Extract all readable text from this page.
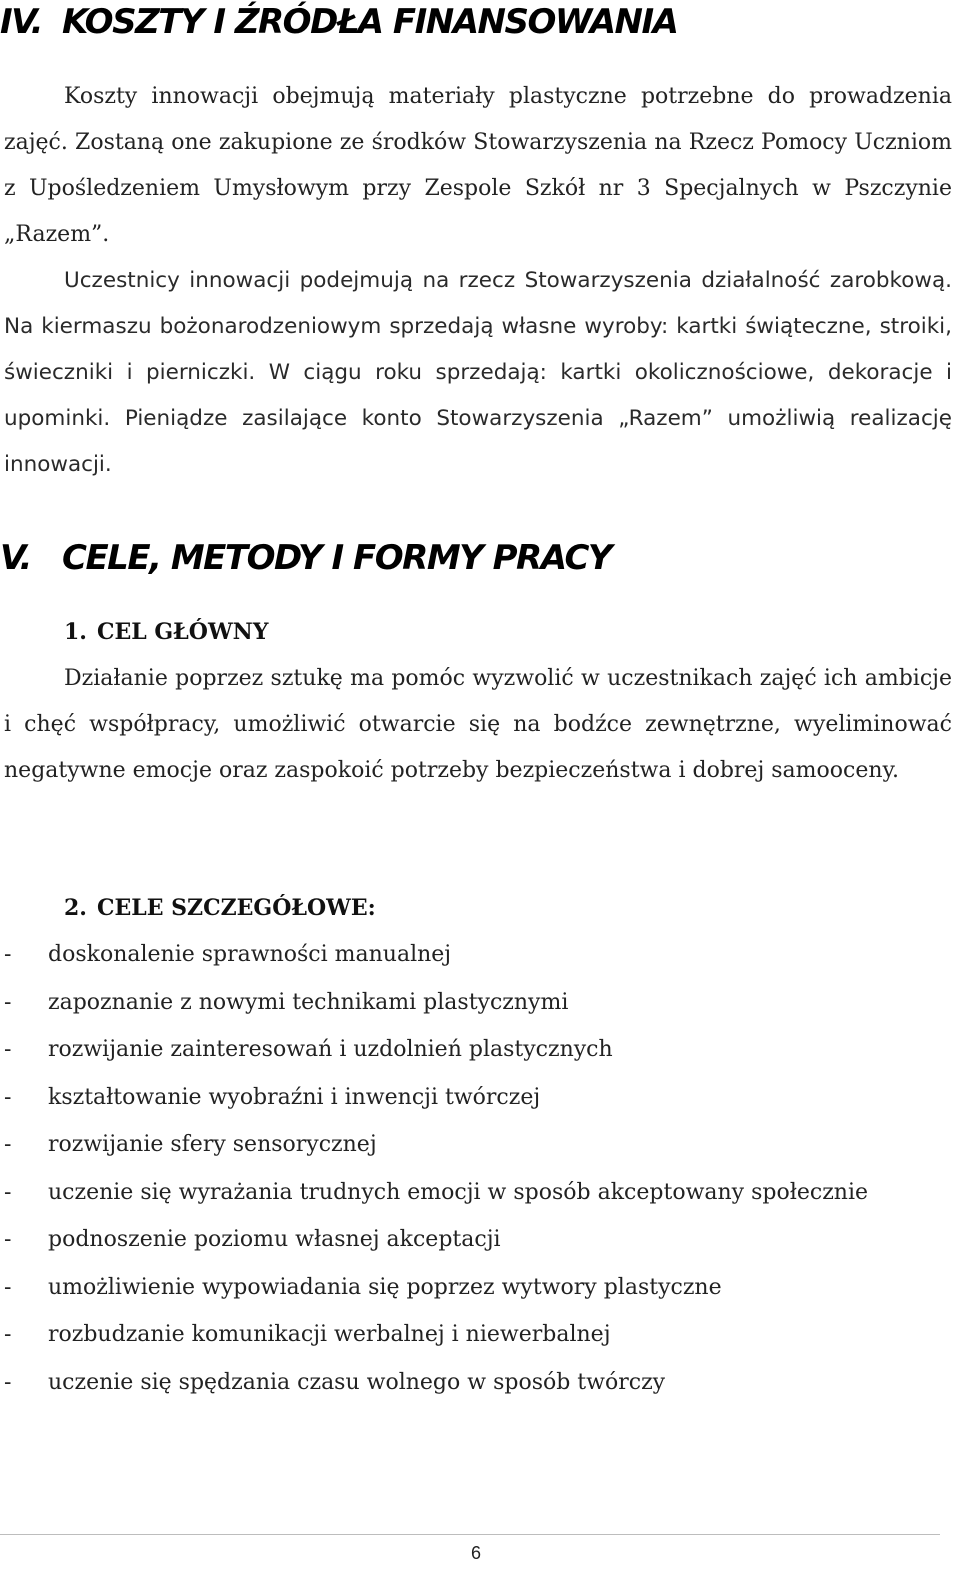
IV. KOSZTY I ŹRÓDŁA FINANSOWANIA

Koszty innowacji obejmują materiały plastyczne potrzebne do prowadzenia zajęć. Zostaną one zakupione ze środków Stowarzyszenia na Rzecz Pomocy Uczniom z Upośledzeniem Umysłowym przy Zespole Szkół nr 3 Specjalnych w Pszczynie „Razem”.

Uczestnicy innowacji podejmują na rzecz Stowarzyszenia działalność zarobkową. Na kiermaszu bożonarodzeniowym sprzedają własne wyroby: kartki świąteczne, stroiki, świeczniki i pierniczki. W ciągu roku sprzedają: kartki okolicznościowe, dekoracje i upominki. Pieniądze zasilające konto Stowarzyszenia „Razem” umożliwią realizację innowacji.

V. CELE, METODY I FORMY PRACY
1. CEL GŁÓWNY

Działanie poprzez sztukę ma pomóc wyzwolić w uczestnikach zajęć ich ambicje i chęć współpracy, umożliwić otwarcie się na bodźce zewnętrzne, wyeliminować negatywne emocje oraz zaspokoić potrzeby bezpieczeństwa i dobrej samooceny.

2. CELE SZCZEGÓŁOWE:
- doskonalenie sprawności manualnej
- zapoznanie z nowymi technikami plastycznymi
- rozwijanie zainteresowań i uzdolnień plastycznych
- kształtowanie wyobraźni i inwencji twórczej
- rozwijanie sfery sensorycznej
- uczenie się wyrażania trudnych emocji w sposób akceptowany społecznie
- podnoszenie poziomu własnej akceptacji
- umożliwienie wypowiadania się poprzez wytwory plastyczne
- rozbudzanie komunikacji werbalnej i niewerbalnej
- uczenie się spędzania czasu wolnego w sposób twórczy
6
